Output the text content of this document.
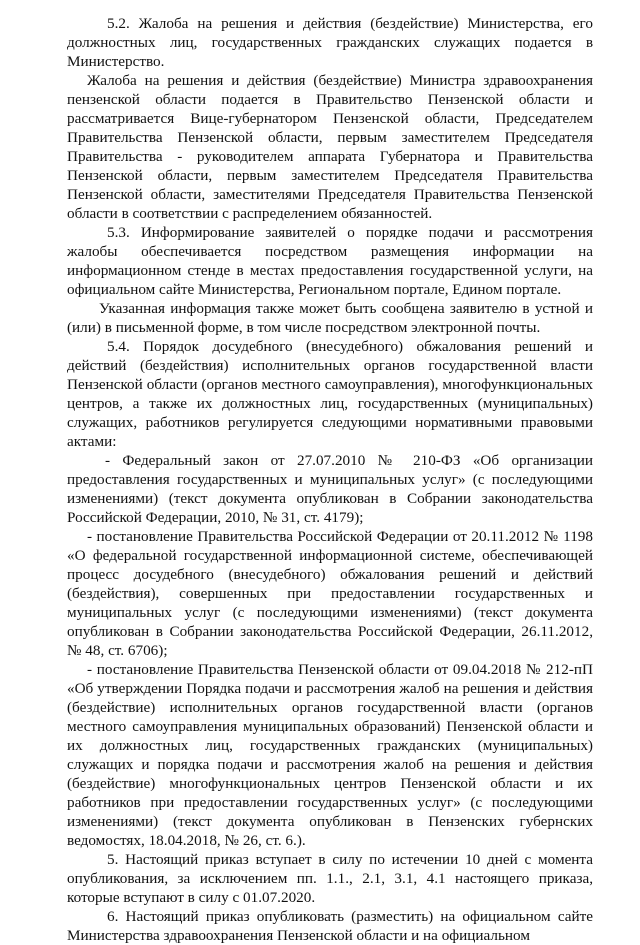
5.2. Жалоба на решения и действия (бездействие) Министерства, его должностных лиц, государственных гражданских служащих подается в Министерство.

Жалоба на решения и действия (бездействие) Министра здравоохранения пензенской области подается в Правительство Пензенской области и рассматривается Вице-губернатором Пензенской области, Председателем Правительства Пензенской области, первым заместителем Председателя Правительства - руководителем аппарата Губернатора и Правительства Пензенской области, первым заместителем Председателя Правительства Пензенской области, заместителями Председателя Правительства Пензенской области в соответствии с распределением обязанностей.

5.3. Информирование заявителей о порядке подачи и рассмотрения жалобы обеспечивается посредством размещения информации на информационном стенде в местах предоставления государственной услуги, на официальном сайте Министерства, Региональном портале, Едином портале.

Указанная информация также может быть сообщена заявителю в устной и (или) в письменной форме, в том числе посредством электронной почты.

5.4. Порядок досудебного (внесудебного) обжалования решений и действий (бездействия) исполнительных органов государственной власти Пензенской области (органов местного самоуправления), многофункциональных центров, а также их должностных лиц, государственных (муниципальных) служащих, работников регулируется следующими нормативными правовыми актами:

- Федеральный закон от 27.07.2010 № 210-ФЗ «Об организации предоставления государственных и муниципальных услуг» (с последующими изменениями) (текст документа опубликован в Собрании законодательства Российской Федерации, 2010, № 31, ст. 4179);

- постановление Правительства Российской Федерации от 20.11.2012 № 1198 «О федеральной государственной информационной системе, обеспечивающей процесс досудебного (внесудебного) обжалования решений и действий (бездействия), совершенных при предоставлении государственных и муниципальных услуг (с последующими изменениями) (текст документа опубликован в Собрании законодательства Российской Федерации, 26.11.2012, № 48, ст. 6706);

- постановление Правительства Пензенской области от 09.04.2018 № 212-пП «Об утверждении Порядка подачи и рассмотрения жалоб на решения и действия (бездействие) исполнительных органов государственной власти (органов местного самоуправления муниципальных образований) Пензенской области и их должностных лиц, государственных гражданских (муниципальных) служащих и порядка подачи и рассмотрения жалоб на решения и действия (бездействие) многофункциональных центров Пензенской области и их работников при предоставлении государственных услуг» (с последующими изменениями) (текст документа опубликован в Пензенских губернских ведомостях, 18.04.2018, № 26, ст. 6.).

5. Настоящий приказ вступает в силу по истечении 10 дней с момента опубликования, за исключением пп. 1.1., 2.1, 3.1, 4.1 настоящего приказа, которые вступают в силу с 01.07.2020.

6. Настоящий приказ опубликовать (разместить) на официальном сайте Министерства здравоохранения Пензенской области и на официальном
